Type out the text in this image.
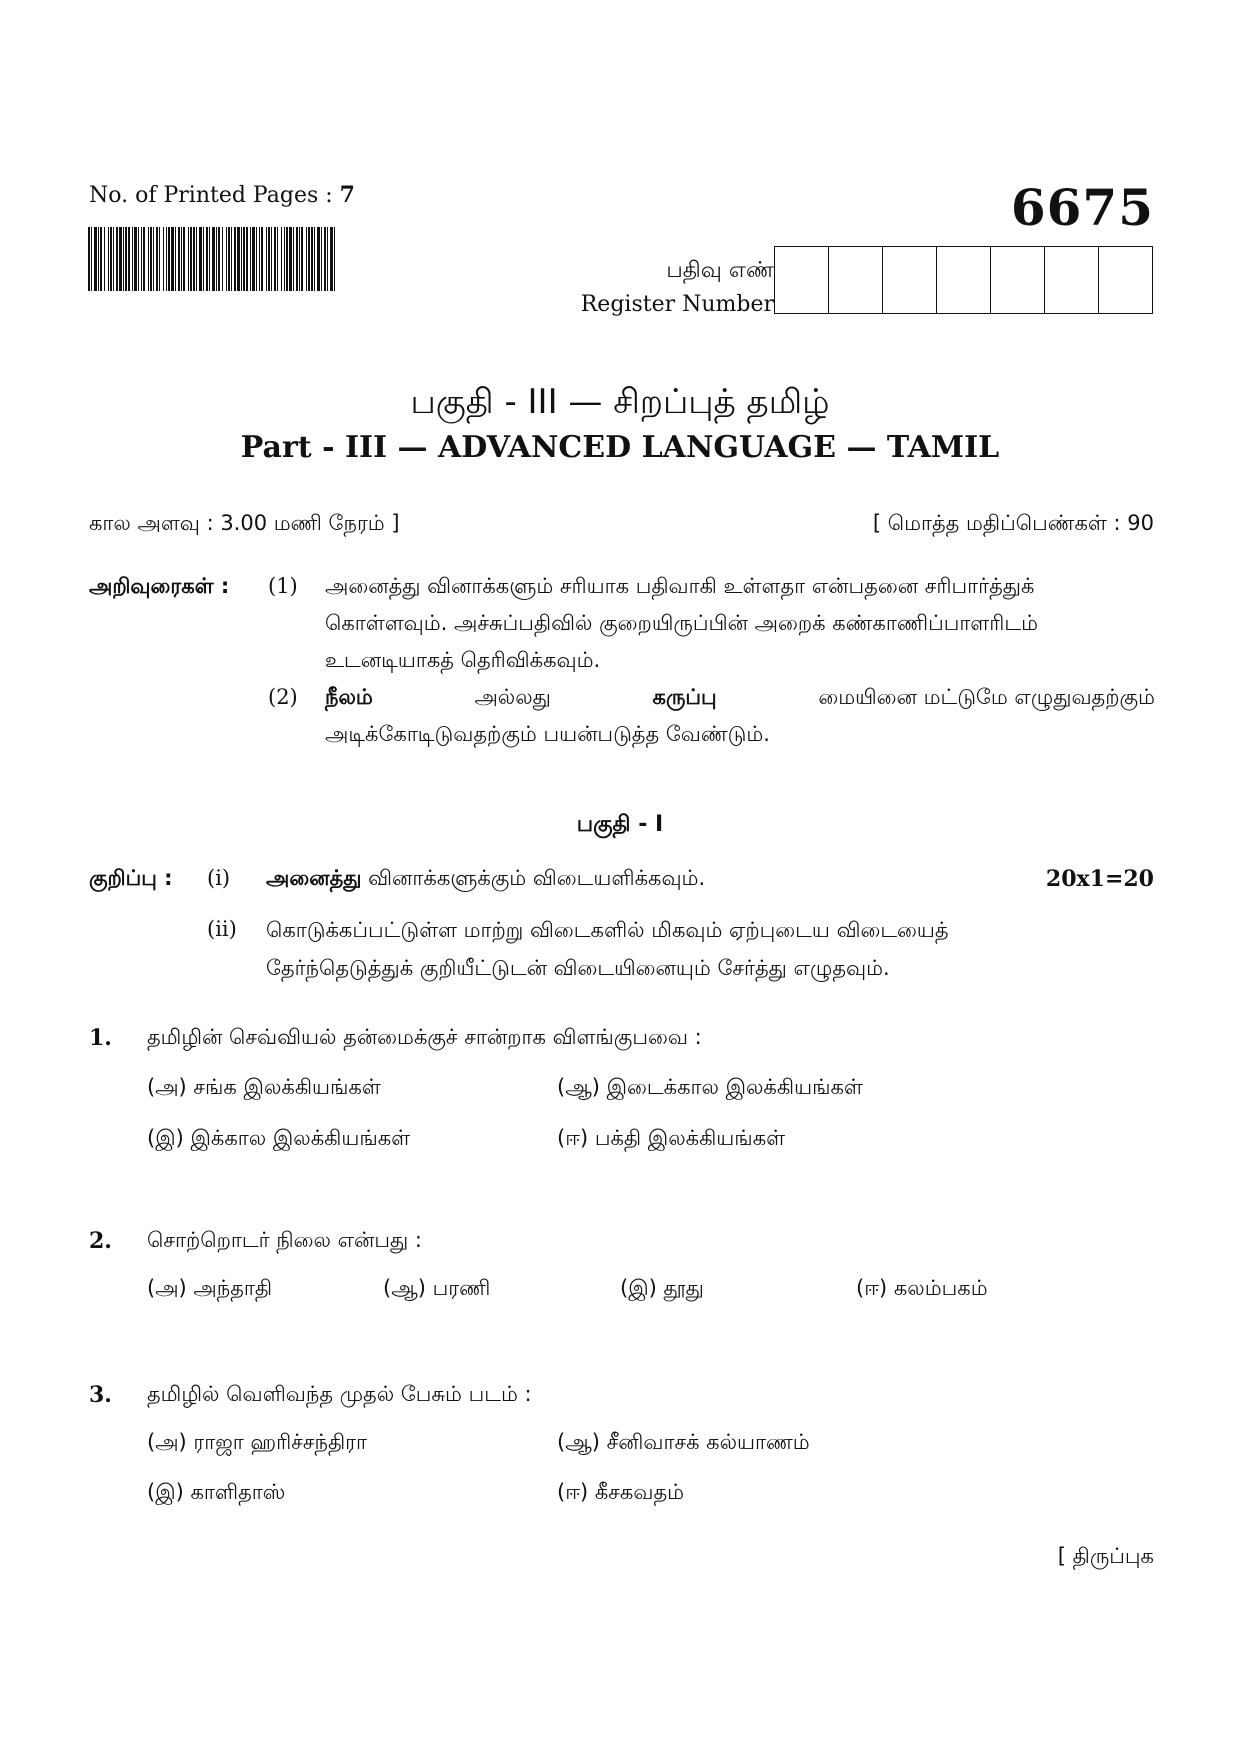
No. of Printed Pages : 7	6675
பதிவு எண்
Register Number
பகுதி - III — சிறப்புத் தமிழ்
Part - III — ADVANCED LANGUAGE — TAMIL
கால அளவு : 3.00 மணி நேரம் ]	[ மொத்த மதிப்பெண்கள் : 90
அறிவுரைகள் : (1) அனைத்து வினாக்களும் சரியாக பதிவாகி உள்ளதா என்பதனை சரிபார்த்துக்
கொள்ளவும். அச்சுப்பதிவில் குறையிருப்பின் அறைக் கண்காணிப்பாளரிடம்
உடனடியாகத் தெரிவிக்கவும்.
(2) நீலம்	அல்லது	கருப்பு	மையினை மட்டுமே எழுதுவதற்கும்
அடிக்கோடிடுவதற்கும் பயன்படுத்த வேண்டும்.
பகுதி - I
குறிப்பு :	20x1=20
(i) அனைத்து வினாக்களுக்கும் விடையளிக்கவும்.
(ii) கொடுக்கப்பட்டுள்ள மாற்று விடைகளில் மிகவும் ஏற்புடைய விடையைத்
தேர்ந்தெடுத்துக் குறியீட்டுடன் விடையினையும் சேர்த்து எழுதவும்.
1. தமிழின் செவ்வியல் தன்மைக்குச் சான்றாக விளங்குபவை :
(அ) சங்க இலக்கியங்கள்	(ஆ) இடைக்கால இலக்கியங்கள்
(இ) இக்கால இலக்கியங்கள்	(ஈ) பக்தி இலக்கியங்கள்
2. சொற்றொடர் நிலை என்பது :
(அ) அந்தாதி	(ஆ) பரணி	(இ) தூது	(ஈ) கலம்பகம்
3. தமிழில் வெளிவந்த முதல் பேசும் படம் :
(அ) ராஜா ஹரிச்சந்திரா	(ஆ) சீனிவாசக் கல்யாணம்
(இ) காளிதாஸ்	(ஈ) கீசகவதம்
[ திருப்புக
